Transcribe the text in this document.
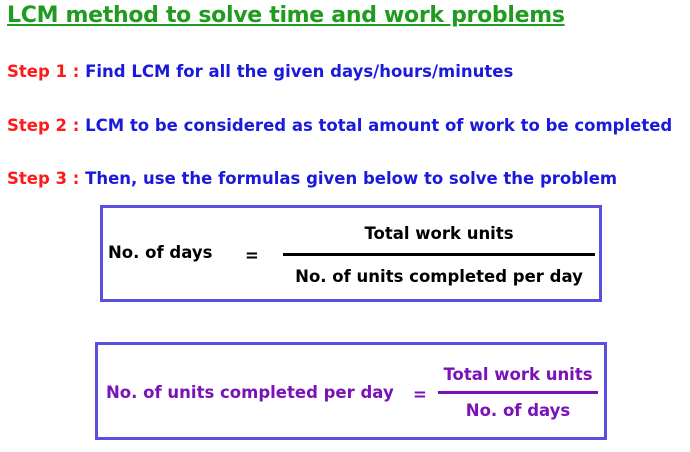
LCM method to solve time and work problems
Step 1 : Find LCM for all the given days/hours/minutes
Step 2 : LCM to be considered as total amount of work to be completed
Step 3 : Then, use the formulas given below to solve the problem
No. of days =
Total work units
No. of units completed per day
No. of units completed per day =
Total work units
No. of days
